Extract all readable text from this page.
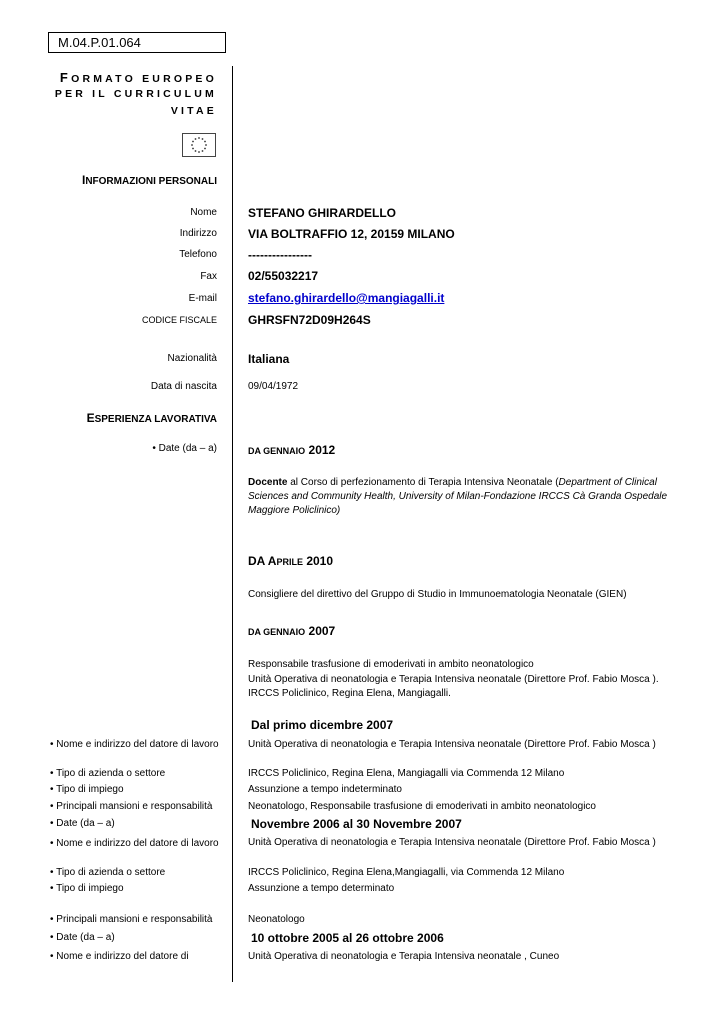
M.04.P.01.064
FORMATO EUROPEO
PER IL CURRICULUM
VITAE
INFORMAZIONI PERSONALI
Nome	STEFANO GHIRARDELLO
Indirizzo	VIA BOLTRAFFIO 12, 20159 MILANO
Telefono	----------------
Fax	02/55032217
E-mail	stefano.ghirardello@mangiagalli.it
CODICE FISCALE	GHRSFN72D09H264S
Nazionalità	Italiana
Data di nascita	09/04/1972
ESPERIENZA LAVORATIVA
• Date (da – a)	DA GENNAIO 2012
Docente al Corso di perfezionamento di Terapia Intensiva Neonatale (Department of Clinical Sciences and Community Health, University of Milan-Fondazione IRCCS Cà Granda Ospedale Maggiore Policlinico)
DA APRILE 2010
Consigliere del direttivo del Gruppo di Studio in Immunoematologia Neonatale (GIEN)
DA GENNAIO 2007
Responsabile trasfusione di emoderivati in ambito neonatologico
Unità Operativa di neonatologia e Terapia Intensiva neonatale (Direttore Prof. Fabio Mosca ).
IRCCS Policlinico, Regina Elena, Mangiagalli.
Dal primo dicembre 2007
• Nome e indirizzo del datore di lavoro	Unità Operativa di neonatologia e Terapia Intensiva neonatale (Direttore Prof. Fabio Mosca )
• Tipo di azienda o settore	IRCCS Policlinico, Regina Elena, Mangiagalli via Commenda 12 Milano
• Tipo di impiego	Assunzione a tempo indeterminato
• Principali mansioni e responsabilità	Neonatologo, Responsabile trasfusione di emoderivati in ambito neonatologico
• Date (da – a)	Novembre 2006 al 30 Novembre 2007
• Nome e indirizzo del datore di lavoro	Unità Operativa di neonatologia e Terapia Intensiva neonatale (Direttore Prof. Fabio Mosca )
• Tipo di azienda o settore	IRCCS Policlinico, Regina Elena,Mangiagalli, via Commenda 12 Milano
• Tipo di impiego	Assunzione a tempo determinato
• Principali mansioni e responsabilità	Neonatologo
• Date (da – a)	10 ottobre 2005 al 26 ottobre 2006
• Nome e indirizzo del datore di	Unità Operativa di neonatologia e Terapia Intensiva neonatale , Cuneo
